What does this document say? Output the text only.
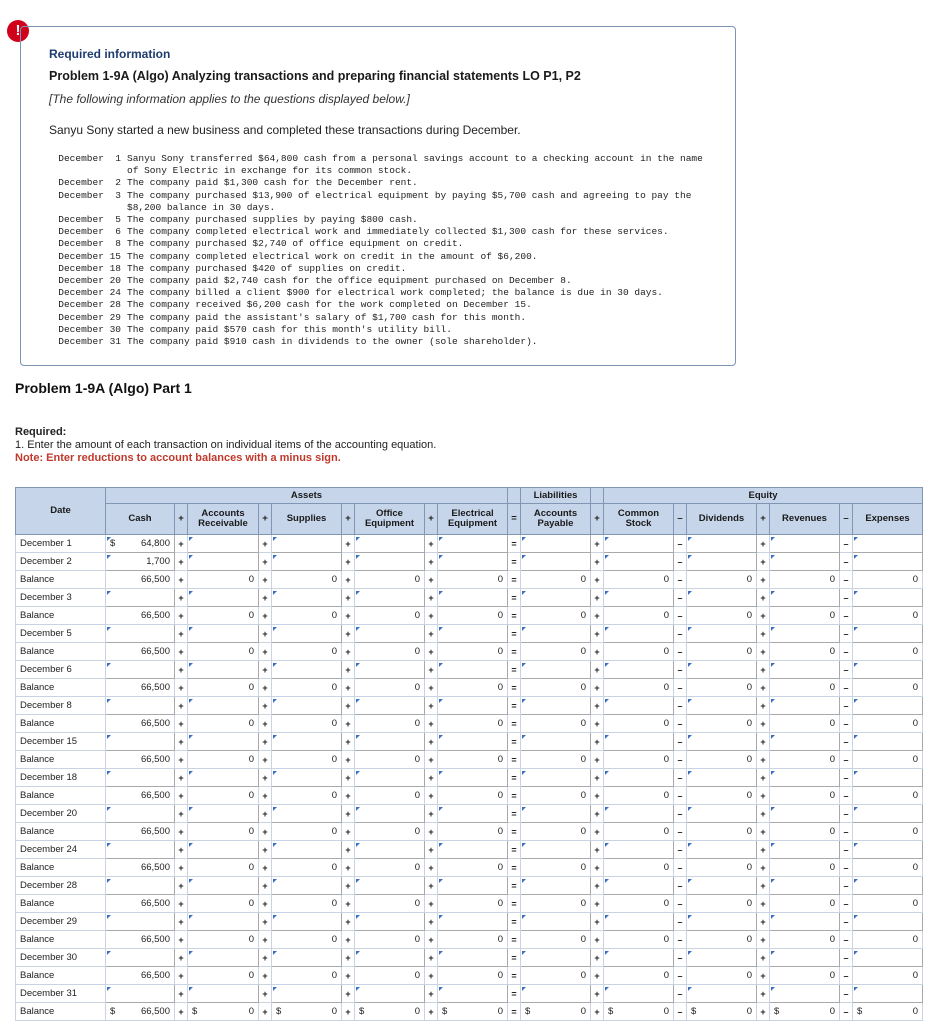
!
Required information
Problem 1-9A (Algo) Analyzing transactions and preparing financial statements LO P1, P2
[The following information applies to the questions displayed below.]
Sanyu Sony started a new business and completed these transactions during December.
December  1 Sanyu Sony transferred $64,800 cash from a personal savings account to a checking account in the name of Sony Electric in exchange for its common stock.
December  2 The company paid $1,300 cash for the December rent.
December  3 The company purchased $13,900 of electrical equipment by paying $5,700 cash and agreeing to pay the $8,200 balance in 30 days.
December  5 The company purchased supplies by paying $800 cash.
December  6 The company completed electrical work and immediately collected $1,300 cash for these services.
December  8 The company purchased $2,740 of office equipment on credit.
December 15 The company completed electrical work on credit in the amount of $6,200.
December 18 The company purchased $420 of supplies on credit.
December 20 The company paid $2,740 cash for the office equipment purchased on December 8.
December 24 The company billed a client $900 for electrical work completed; the balance is due in 30 days.
December 28 The company received $6,200 cash for the work completed on December 15.
December 29 The company paid the assistant's salary of $1,700 cash for this month.
December 30 The company paid $570 cash for this month's utility bill.
December 31 The company paid $910 cash in dividends to the owner (sole shareholder).
Problem 1-9A (Algo) Part 1
Required:
1. Enter the amount of each transaction on individual items of the accounting equation.
Note: Enter reductions to account balances with a minus sign.
Date	Assets										Liabilities		Equity						
	Cash	+	Accounts Receivable	+	Supplies	+	Office Equipment	+	Electrical Equipment	=	Accounts Payable	+	Common Stock	–	Dividends	+	Revenues	–	Expenses
December 1	$ 64,800	+		+		+		+		=		+		–		+		–	
December 2	1,700	+		+		+		+		=		+		–		+		–	
Balance	66,500	+	0	+	0	+	0	+	0	=	0	+	0	–	0	+	0	–	0
December 3		+		+		+		+		=		+		–		+		–	
Balance	66,500	+	0	+	0	+	0	+	0	=	0	+	0	–	0	+	0	–	0
December 5		+		+		+		+		=		+		–		+		–	
Balance	66,500	+	0	+	0	+	0	+	0	=	0	+	0	–	0	+	0	–	0
December 6		+		+		+		+		=		+		–		+		–	
Balance	66,500	+	0	+	0	+	0	+	0	=	0	+	0	–	0	+	0	–	0
December 8		+		+		+		+		=		+		–		+		–	
Balance	66,500	+	0	+	0	+	0	+	0	=	0	+	0	–	0	+	0	–	0
December 15		+		+		+		+		=		+		–		+		–	
Balance	66,500	+	0	+	0	+	0	+	0	=	0	+	0	–	0	+	0	–	0
December 18		+		+		+		+		=		+		–		+		–	
Balance	66,500	+	0	+	0	+	0	+	0	=	0	+	0	–	0	+	0	–	0
December 20		+		+		+		+		=		+		–		+		–	
Balance	66,500	+	0	+	0	+	0	+	0	=	0	+	0	–	0	+	0	–	0
December 24		+		+		+		+		=		+		–		+		–	
Balance	66,500	+	0	+	0	+	0	+	0	=	0	+	0	–	0	+	0	–	0
December 28		+		+		+		+		=		+		–		+		–	
Balance	66,500	+	0	+	0	+	0	+	0	=	0	+	0	–	0	+	0	–	0
December 29		+		+		+		+		=		+		–		+		–	
Balance	66,500	+	0	+	0	+	0	+	0	=	0	+	0	–	0	+	0	–	0
December 30		+		+		+		+		=		+		–		+		–	
Balance	66,500	+	0	+	0	+	0	+	0	=	0	+	0	–	0	+	0	–	0
December 31		+		+		+		+		=		+		–		+		–	
Balance	$ 66,500	+	$ 0	+	$ 0	+	$ 0	+	$ 0	=	$ 0	+	$ 0	–	$ 0	+	$ 0	–	$ 0
